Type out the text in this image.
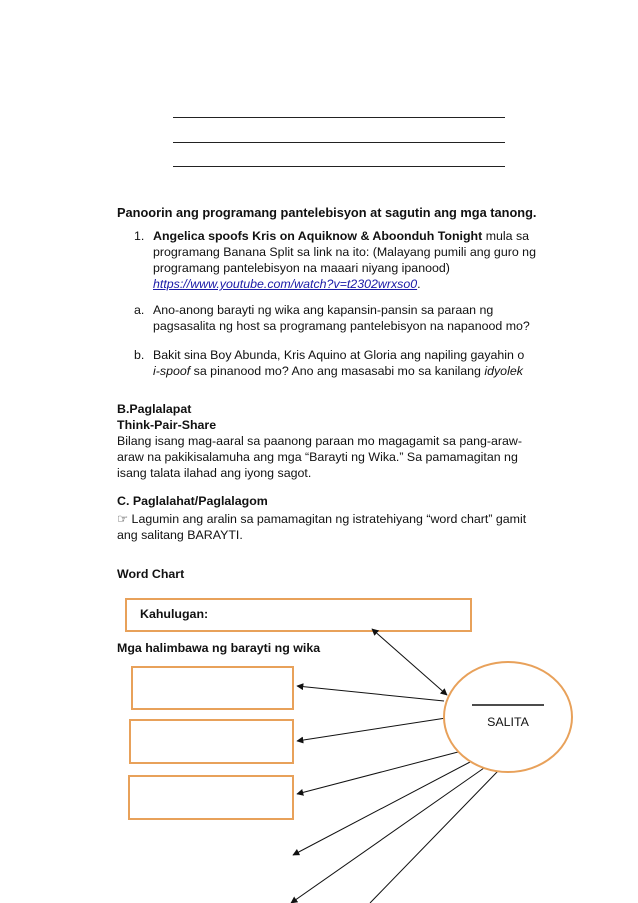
Panoorin ang programang pantelebisyon at sagutin ang mga tanong.
1. Angelica spoofs Kris on Aquiknow & Aboonduh Tonight mula sa
programang Banana Split sa link na ito: (Malayang pumili ang guro ng
programang pantelebisyon na maaari niyang ipanood)
https://www.youtube.com/watch?v=t2302wrxso0.
a. Ano-anong barayti ng wika ang kapansin-pansin sa paraan ng
pagsasalita ng host sa programang pantelebisyon na napanood mo?
b. Bakit sina Boy Abunda, Kris Aquino at Gloria ang napiling gayahin o
i-spoof sa pinanood mo? Ano ang masasabi mo sa kanilang idyolek
B.Paglalapat
Think-Pair-Share
Bilang isang mag-aaral sa paanong paraan mo magagamit sa pang-araw-
araw na pakikisalamuha ang mga “Barayti ng Wika.” Sa pamamagitan ng
isang talata ilahad ang iyong sagot.
C. Paglalahat/Paglalagom
☞ Lagumin ang aralin sa pamamagitan ng istratehiyang “word chart” gamit
ang salitang BARAYTI.
Word Chart
Kahulugan:
Mga halimbawa ng barayti ng wika
SALITA
